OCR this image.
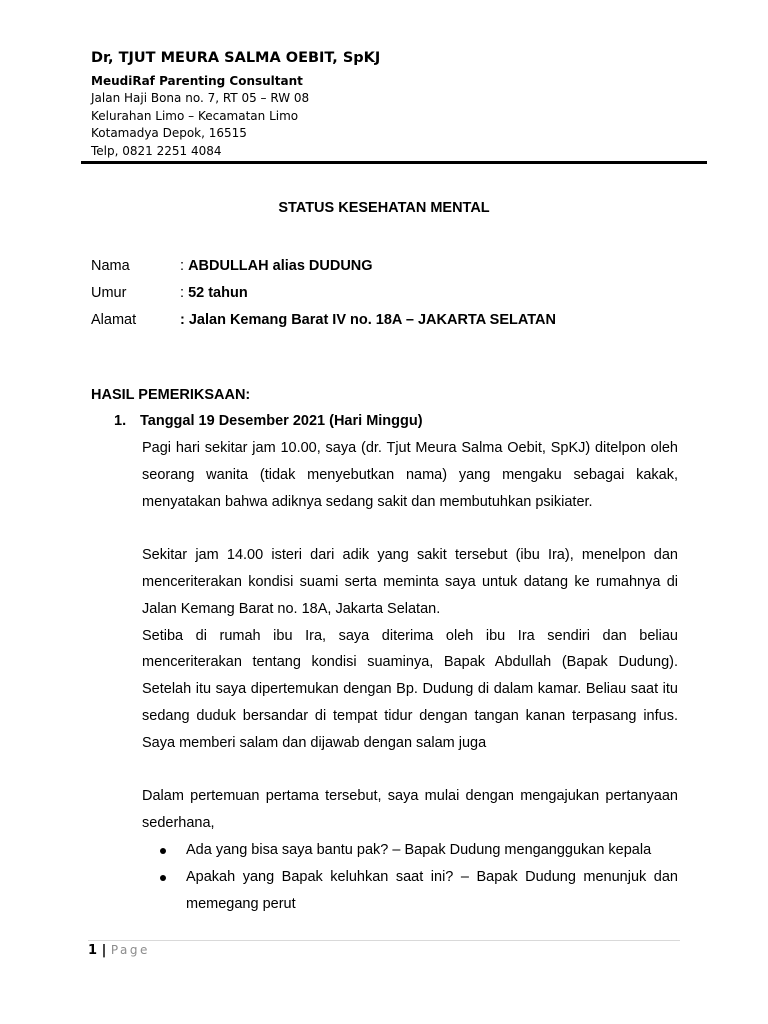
Dr, TJUT MEURA SALMA OEBIT, SpKJ
MeudiRaf Parenting Consultant
Jalan Haji Bona no. 7, RT 05 – RW 08
Kelurahan Limo – Kecamatan Limo
Kotamadya Depok, 16515
Telp, 0821 2251 4084
STATUS KESEHATAN MENTAL
Nama	: ABDULLAH alias DUDUNG
Umur	: 52 tahun
Alamat	: Jalan Kemang Barat IV no. 18A – JAKARTA SELATAN
HASIL PEMERIKSAAN:
1. Tanggal 19 Desember 2021 (Hari Minggu)

Pagi hari sekitar jam 10.00, saya (dr. Tjut Meura Salma Oebit, SpKJ) ditelpon oleh seorang wanita (tidak menyebutkan nama) yang mengaku sebagai kakak, menyatakan bahwa adiknya sedang sakit dan membutuhkan psikiater.

Sekitar jam 14.00 isteri dari adik yang sakit tersebut (ibu Ira), menelpon dan menceriterakan kondisi suami serta meminta saya untuk datang ke rumahnya di Jalan Kemang Barat no. 18A, Jakarta Selatan.

Setiba di rumah ibu Ira, saya diterima oleh ibu Ira sendiri dan beliau menceriterakan tentang kondisi suaminya, Bapak Abdullah (Bapak Dudung). Setelah itu saya dipertemukan dengan Bp. Dudung di dalam kamar. Beliau saat itu sedang duduk bersandar di tempat tidur dengan tangan kanan terpasang infus. Saya memberi salam dan dijawab dengan salam juga

Dalam pertemuan pertama tersebut, saya mulai dengan mengajukan pertanyaan sederhana,

Ada yang bisa saya bantu pak? – Bapak Dudung menganggukan kepala
Apakah yang Bapak keluhkan saat ini? – Bapak Dudung menunjuk dan memegang perut
1 | Page
